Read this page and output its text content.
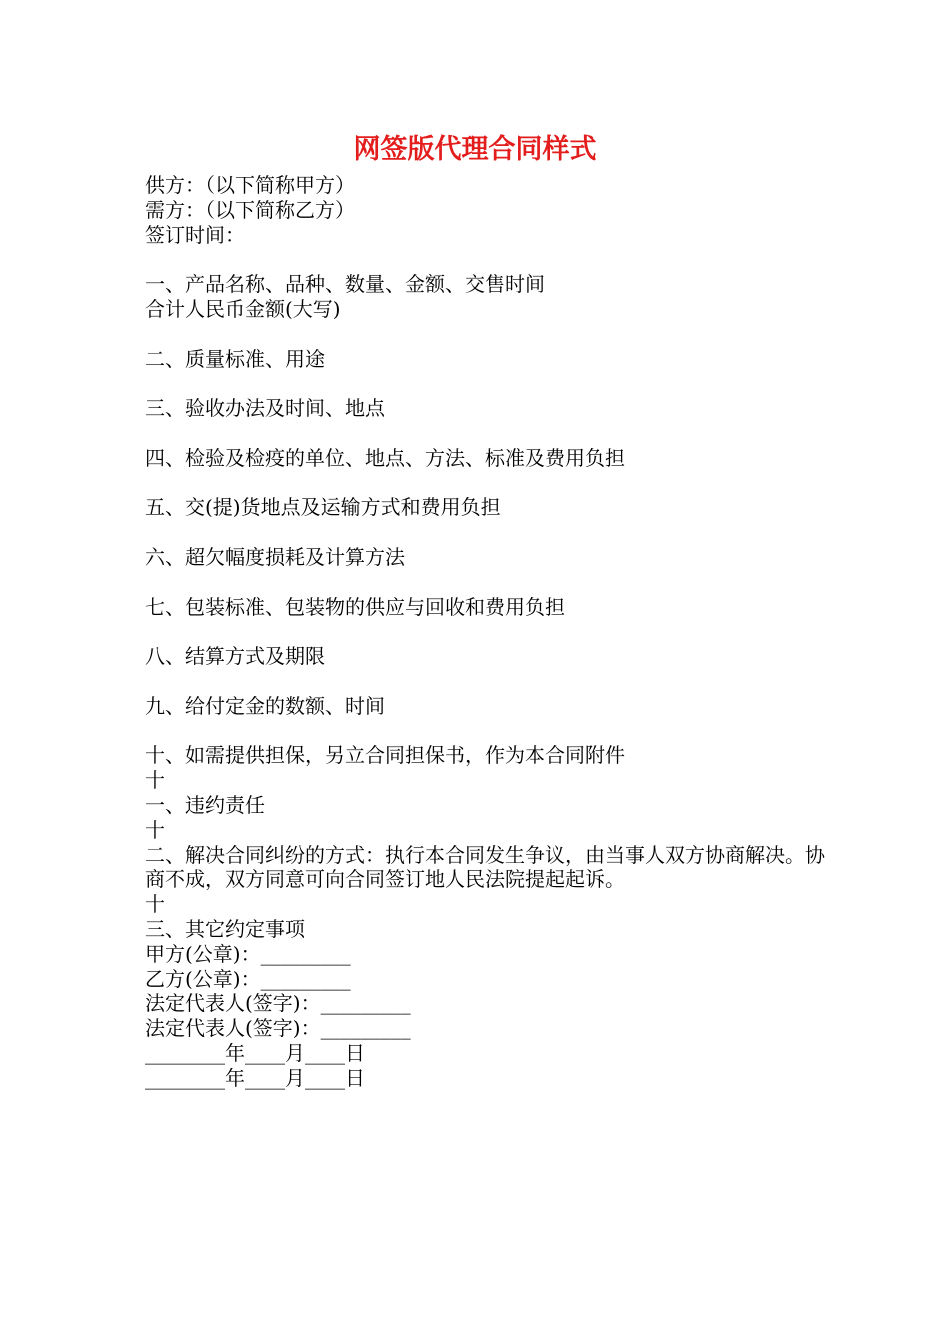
网签版代理合同样式
供方：（以下简称甲方）
需方：（以下简称乙方）
签订时间：
一、产品名称、品种、数量、金额、交售时间
合计人民币金额(大写)
二、质量标准、用途
三、验收办法及时间、地点
四、检验及检疫的单位、地点、方法、标准及费用负担
五、交(提)货地点及运输方式和费用负担
六、超欠幅度损耗及计算方法
七、包装标准、包装物的供应与回收和费用负担
八、结算方式及期限
九、给付定金的数额、时间
十、如需提供担保，另立合同担保书，作为本合同附件
十
一、违约责任
十
二、解决合同纠纷的方式：执行本合同发生争议，由当事人双方协商解决。协商不成，双方同意可向合同签订地人民法院提起起诉。
十
三、其它约定事项
甲方(公章)：_________
乙方(公章)：_________
法定代表人(签字)：_________
法定代表人(签字)：_________
________年____月____日
________年____月____日
